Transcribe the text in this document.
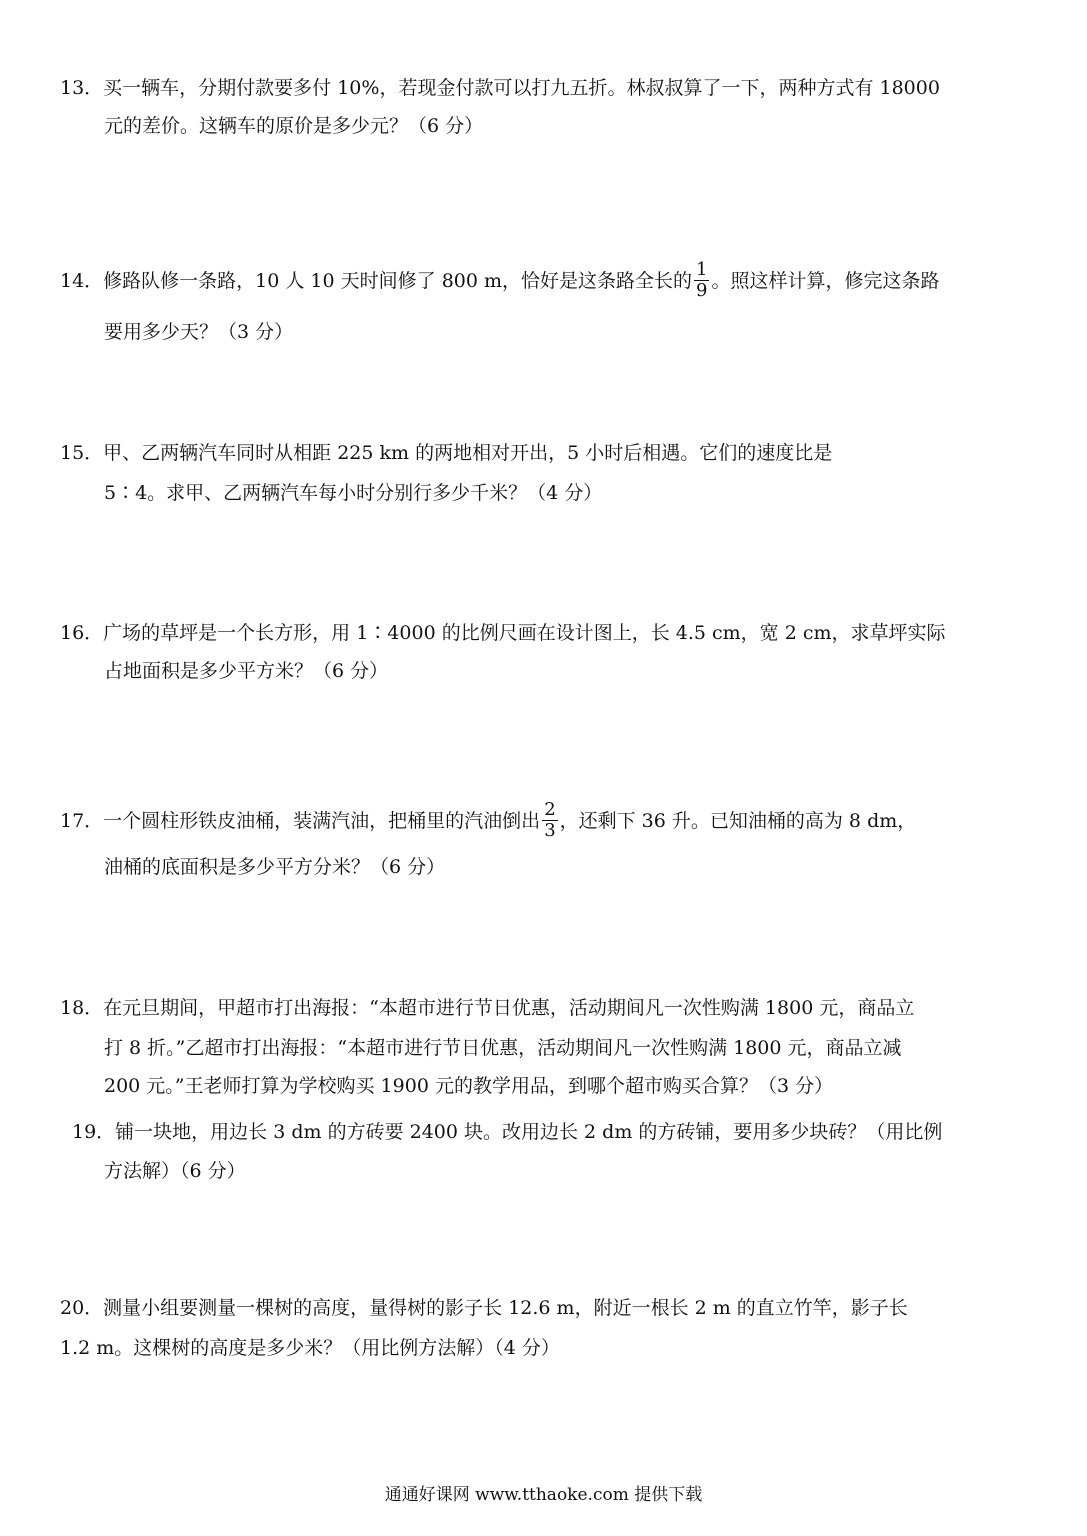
13．买一辆车，分期付款要多付 10%，若现金付款可以打九五折。林叔叔算了一下，两种方式有 18000
元的差价。这辆车的原价是多少元？（6 分）
14．修路队修一条路，10 人 10 天时间修了 800 m，恰好是这条路全长的 $\frac{1}{9}$ 。照这样计算，修完这条路
要用多少天？（3 分）
15．甲、乙两辆汽车同时从相距 225 km 的两地相对开出，5 小时后相遇。它们的速度比是
5∶4。求甲、乙两辆汽车每小时分别行多少千米？（4 分）
16．广场的草坪是一个长方形，用 1∶4000 的比例尺画在设计图上，长 4.5 cm，宽 2 cm，求草坪实际
占地面积是多少平方米？（6 分）
17．一个圆柱形铁皮油桶，装满汽油，把桶里的汽油倒出 $\frac{2}{3}$ ，还剩下 36 升。已知油桶的高为 8 dm，
油桶的底面积是多少平方分米？（6 分）
18．在元旦期间，甲超市打出海报：“本超市进行节日优惠，活动期间凡一次性购满 1800 元，商品立
打 8 折。”乙超市打出海报：“本超市进行节日优惠，活动期间凡一次性购满 1800 元，商品立减
200 元。”王老师打算为学校购买 1900 元的教学用品，到哪个超市购买合算？（3 分）
19．铺一块地，用边长 3 dm 的方砖要 2400 块。改用边长 2 dm 的方砖铺，要用多少块砖？（用比例
方法解）（6 分）
20．测量小组要测量一棵树的高度，量得树的影子长 12.6 m，附近一根长 2 m 的直立竹竿，影子长
1.2 m。这棵树的高度是多少米？（用比例方法解）（4 分）
通通好课网 www.tthaoke.com 提供下载
